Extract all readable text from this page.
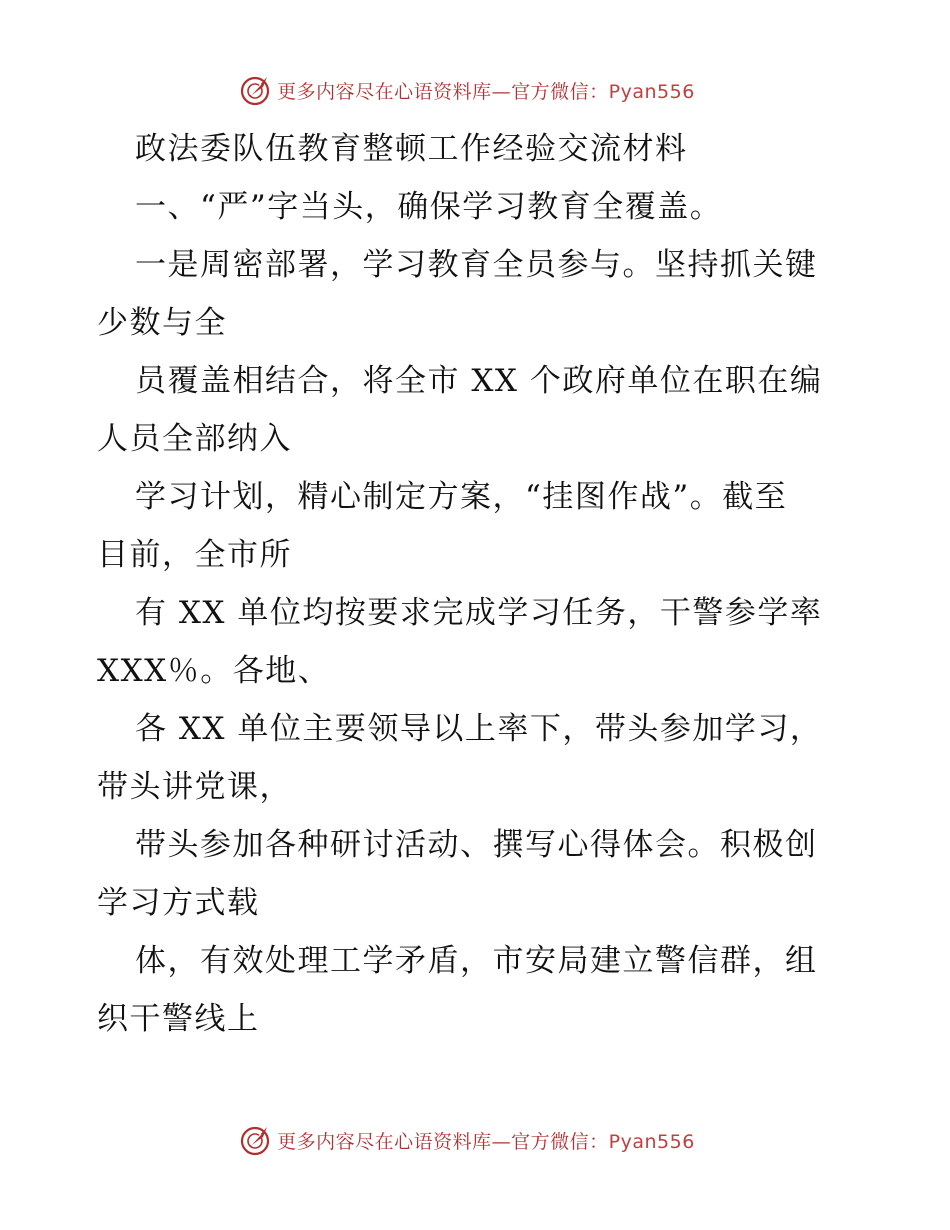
更多内容尽在心语资料库—官方微信：Pyan556
政法委队伍教育整顿工作经验交流材料
一、“严”字当头，确保学习教育全覆盖。
一是周密部署，学习教育全员参与。坚持抓关键
少数与全
员覆盖相结合，将全市 XX 个政府单位在职在编
人员全部纳入
学习计划，精心制定方案，“挂图作战”。截至
目前，全市所
有 XX 单位均按要求完成学习任务，干警参学率
XXX％。各地、
各 XX 单位主要领导以上率下，带头参加学习，
带头讲党课，
带头参加各种研讨活动、撰写心得体会。积极创
学习方式载
体，有效处理工学矛盾，市安局建立警信群，组
织干警线上
更多内容尽在心语资料库—官方微信：Pyan556
